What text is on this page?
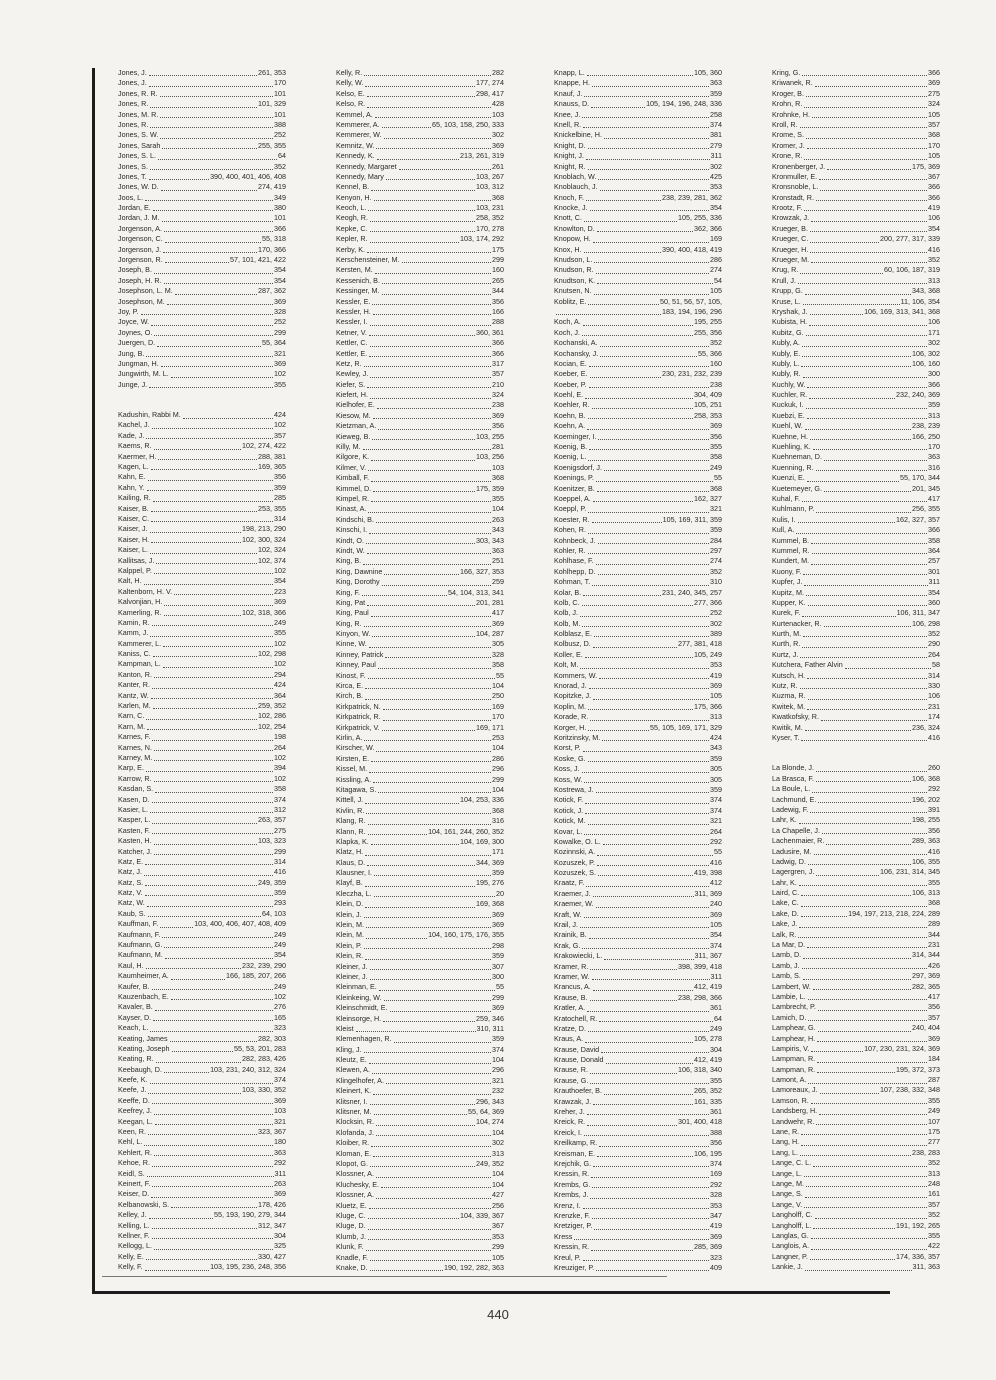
Jones, J.	261, 353
Jones, J.	170
Jones, R. R.	101
Jones, R.	101, 329
Jones, M. R.	101
Jones, R.	388
Jones, S. W.	252
Jones, Sarah	255, 355
Jones, S. L.	64
Jones, S.	352
Jones, T.	390, 400, 401, 406, 408
Jones, W. D.	274, 419
Joos, L.	349
Jordan, E.	380
Jordan, J. M.	101
Jorgenson, A.	366
Jorgenson, C.	55, 318
Jorgenson, J.	170, 366
Jorgenson, R.	57, 101, 421, 422
Joseph, B.	354
Joseph, H. R.	354
Josephson, L. M.	287, 362
Josephson, M.	369
Joy, P.	328
Joyce, W.	252
Joynes, O.	299
Juergen, D.	55, 364
Jung, B.	321
Jungman, H.	369
Jungwirth, M. L.	102
Junge, J.	355
Kadushin, Rabbi M.	424
Kachel, J.	102
Kade, J.	357
Kaems, R.	102, 274, 422
Kaermer, H.	288, 381
Kagen, L.	169, 365
Kahn, E.	356
Kahn, Y.	359
Kailing, R.	285
Kaiser, B.	253, 355
Kaiser, C.	314
Kaiser, J.	198, 213, 290
Kaiser, H.	102, 300, 324
Kaiser, L.	102, 324
Kallitsas, J.	102, 374
Kalppel, P.	102
Kalt, H.	354
Kaltenborn, H. V.	223
Kalvonjian, H.	369
Kamerling, R.	102, 318, 366
Kamin, R.	249
Kamm, J.	355
Kammerer, L.	102
Kaniss, C.	102, 298
Kampman, L.	102
Kanton, R.	294
Kanter, R.	424
Kantz, W.	364
Karlen, M.	259, 352
Karn, C.	102, 286
Karn, M.	102, 254
Karnes, F.	198
Karnes, N.	264
Karney, M.	102
Karp, E.	394
Karrow, R.	102
Kasdan, S.	358
Kasen, D.	374
Kasier, L.	312
Kasper, L.	263, 357
Kasten, F.	275
Kasten, H.	103, 323
Katcher, J.	299
Katz, E.	314
Katz, J.	416
Katz, S.	249, 359
Katz, V.	359
Katz, W.	293
Kaub, S.	64, 103
Kauffman, F.	103, 400, 406, 407, 408, 409
Kaufmann, F.	249
Kaufmann, G.	249
Kaufmann, M.	354
Kaul, H.	232, 239, 290
Kaumheimer, A.	166, 185, 207, 266
Kaufer, B.	249
Kauzenbach, E.	102
Kavaler, B.	276
Kayser, D.	165
Keach, L.	323
Keating, James	282, 303
Keating, Joseph	55, 53, 201, 283
Keating, R.	282, 283, 426
Keebaugh, D.	103, 231, 240, 312, 324
Keefe, K.	374
Keefe, J.	103, 330, 352
Keeffe, D.	369
Keefrey, J.	103
Keegan, L.	321
Keen, R.	323, 367
Kehl, L.	180
Kehlert, R.	363
Kehoe, R.	292
Keidl, S.	311
Keinert, F.	263
Keiser, D.	369
Kelbanowski, S.	178, 426
Kelley, J.	55, 193, 190, 279, 344
Kelling, L.	312, 347
Kellner, F.	304
Kellogg, L.	325
Kelly, E.	330, 427
Kelly, F.	103, 195, 236, 248, 356
Kelly, R.	282
Kelly, W.	177, 274
Kelso, E.	298, 417
Kelso, R.	428
Kemmel, A.	103
Kemmerer, A.	65, 103, 158, 250, 333
Kemmerer, W.	302
Kemnitz, W.	369
Kennedy, K.	213, 261, 319
Kennedy, Margaret	261
Kennedy, Mary	103, 267
Kennel, B.	103, 312
Kenyon, H.	368
Keoch, L.	103, 231
Keogh, R.	258, 352
Kepke, C.	170, 278
Kepler, R.	103, 174, 292
Kerby, K.	175
Kerschensteiner, M.	299
Kersten, M.	160
Kessenich, B.	265
Kessinger, M.	344
Kessler, E.	356
Kessler, H.	166
Kessler, I.	288
Ketner, V.	360, 361
Kettler, C.	366
Kettler, E.	366
Ketz, R.	317
Kewley, J.	357
Kiefer, S.	210
Kiefert, H.	324
Kielhofer, E.	238
Kiesow, M.	369
Kietzman, A.	356
Kieweg, B.	103, 255
Killy, M.	281
Kilgore, K.	103, 256
Kilmer, V.	103
Kimball, F.	368
Kimmel, D.	175, 359
Kimpel, R.	355
Kinast, A.	104
Kindschi, B.	263
Kinschi, I.	343
Kindt, O.	303, 343
Kindt, W.	363
King, B.	251
King, Dawnine	166, 327, 353
King, Dorothy	259
King, F.	54, 104, 313, 341
King, Pat	201, 281
King, Paul	417
King, R.	369
Kinyon, W.	104, 287
Kinne, W.	305
Kinney, Patrick	328
Kinney, Paul	358
Kinost, F.	55
Kirca, E.	104
Kirch, B.	250
Kirkpatrick, N.	169
Kirkpatrick, R.	170
Kirkpatrick, V.	169, 171
Kirlin, A.	253
Kirscher, W.	104
Kirsten, E.	286
Kissel, M.	296
Kissling, A.	299
Kitagawa, S.	104
Kittell, J.	104, 253, 336
Kivlin, R.	368
Klang, R.	316
Klann, R.	104, 161, 244, 260, 352
Klapka, K.	104, 169, 300
Klatz, H.	171
Klaus, D.	344, 369
Klausner, I.	359
Klayf, B.	195, 276
Kleczha, L.	20
Klein, D.	169, 368
Klein, J.	369
Klein, M.	369
Klein, M.	104, 160, 175, 176, 355
Klein, P.	298
Klein, R.	359
Kleiner, J.	307
Kleiner, J.	300
Kleinman, E.	55
Kleinkeing, W.	299
Kleinschmidt, E.	369
Kleinsorge, H.	259, 346
Kleist	310, 311
Klemenhagen, R.	359
Kling, J.	374
Kleutz, E.	104
Klewen, A.	296
Klingelhofer, A.	321
Kleinert, K.	232
Klitsner, I.	296, 343
Klitsner, M.	55, 64, 369
Klocksin, R.	104, 274
Klofanda, J.	104
Kloiber, R.	302
Kloman, E.	313
Klopot, G.	249, 352
Klossner, A.	104
Kluchesky, E.	104
Klossner, A.	427
Kluetz, E.	256
Kluge, C.	104, 339, 367
Kluge, D.	367
Klumb, J.	353
Klunk, F.	299
Knadle, F.	105
Knake, D.	190, 192, 282, 363
Knapp, L.	105, 360
Knappe, H.	363
Knauf, J.	359
Knauss, D.	105, 194, 196, 248, 336
Knee, J.	258
Knell, R.	374
Knickelbine, H.	381
Knight, D.	279
Knight, J.	311
Knight, R.	302
Knoblach, W.	425
Knoblauch, J.	353
Knoch, F.	238, 239, 281, 362
Knocke, J.	354
Knott, C.	105, 255, 336
Knowlton, D.	362, 366
Knopow, H.	169
Knox, H.	390, 400, 418, 419
Knudson, L.	286
Knudson, R.	274
Knudtson, K.	54
Knutsen, N.	105
Koblitz, E.	50, 51, 56, 57, 105,
183, 194, 196, 296
Koch, A.	195, 255
Koch, J.	255, 356
Kochanski, A.	352
Kochansky, J.	55, 366
Kocian, E.	160
Koeber, E.	230, 231, 232, 239
Koeber, P.	238
Koehl, E.	304, 409
Koehler, R.	105, 251
Koehn, B.	258, 353
Koehn, A.	369
Koeminger, I.	356
Koenig, B.	355
Koenig, L.	358
Koenigsdorf, J.	249
Koenings, P.	55
Koenitzer, B.	368
Koeppel, A.	162, 327
Koeppl, P.	321
Koester, R.	105, 169, 311, 359
Kohen, R.	359
Kohnbeck, J.	284
Kohler, R.	297
Kohlhase, F.	274
Kohlhepp, D.	352
Kohman, T.	310
Kolar, B.	231, 240, 345, 257
Kolb, C.	277, 366
Kolb, J.	252
Kolb, M.	302
Kolblasz, E.	389
Kolbusz, D.	277, 381, 418
Koller, E.	105, 249
Kolt, M.	353
Kommers, W.	419
Knorad, J.	369
Kopitzke, J.	105
Koplin, M.	175, 366
Korade, R.	313
Korger, H.	55, 105, 169, 171, 329
Koritzinsky, M.	424
Korst, P.	343
Koske, G.	359
Koss, J.	305
Koss, W.	305
Kostrewa, J.	359
Kotick, F.	374
Kotick, J.	374
Kotick, M.	321
Kovar, L.	264
Kowalke, O. L.	292
Kozinnski, A.	55
Kozuszek, P.	416
Kozuszek, S.	419, 398
Kraatz, F.	412
Kraemer, J.	311, 369
Kraemer, W.	240
Kraft, W.	369
Krail, J.	105
Krainik, B.	354
Krak, G.	374
Krakowiecki, L.	311, 367
Kramer, R.	398, 399, 418
Kramer, W.	311
Krancus, A.	412, 419
Krause, B.	238, 298, 366
Kratler, A.	361
Kratochell, R.	64
Kratze, D.	249
Kraus, A.	105, 278
Krause, David	304
Krause, Donald	412, 419
Krause, R.	106, 318, 340
Krause, G.	355
Krauthoefer, B.	265, 352
Krawzak, J.	161, 335
Kreher, J.	361
Kreick, R.	301, 400, 418
Kreick, I.	388
Kreilkamp, R.	356
Kreisman, E.	106, 195
Krejchik, G.	374
Kressin, R.	169
Krembs, G.	292
Krembs, J.	328
Krenz, I.	353
Krenzke, F.	347
Kretziger, P.	419
Kress	369
Kressin, R.	285, 369
Kreul, P.	323
Kreuziger, P.	409
Kring, G.	366
Kriwanek, R.	369
Kroger, B.	275
Krohn, R.	324
Krohnke, H.	105
Kroll, R.	357
Krome, S.	368
Kromer, J.	170
Krone, R.	105
Kronenberger, J.	175, 369
Kronmuller, E.	367
Kronsnoble, L.	366
Kronstadt, R.	366
Krootz, F.	419
Krowzak, J.	106
Krueger, B.	354
Krueger, C.	200, 277, 317, 339
Krueger, H.	416
Krueger, M.	352
Krug, R.	60, 106, 187, 319
Krull, J.	313
Krupp, G.	343, 368
Kruse, L.	11, 106, 354
Kryshak, J.	106, 169, 313, 341, 368
Kubista, H.	106
Kubitz, G.	171
Kubly, A.	302
Kubly, E.	106, 302
Kubly, L.	106, 160
Kubly, R.	300
Kuchly, W.	366
Kuchler, R.	232, 240, 369
Kuckuk, I.	359
Kuebzi, E.	313
Kuehl, W.	238, 239
Kuehne, H.	166, 250
Kuehling, K.	170
Kuehneman, D.	363
Kuenning, R.	316
Kuenzi, E.	55, 170, 344
Kuetemeyer, G.	201, 345
Kuhal, F.	417
Kuhlmann, P.	256, 355
Kulis, I.	162, 327, 357
Kull, A.	366
Kummel, B.	358
Kummel, R.	364
Kundert, M.	257
Kuony, F.	301
Kupfer, J.	311
Kupitz, M.	354
Kupper, K.	360
Kurek, F.	106, 311, 347
Kurtenacker, R.	106, 298
Kurth, M.	352
Kurth, R.	290
Kurtz, J.	264
Kutchera, Father Alvin	58
Kutsch, H.	314
Kutz, R.	330
Kuzma, R.	106
Kwitek, M.	231
Kwatkofsky, R.	174
Kwitik, M.	236, 324
Kyser, T.	416
La Blonde, J.	260
La Brasca, F.	106, 368
La Boule, L.	292
Lachmund, E.	196, 202
Ladewig, F.	391
Lahr, K.	198, 255
La Chapelle, J.	356
Lachenmaier, R.	289, 363
Ladusire, M.	416
Ladwig, D.	106, 355
Lagergren, J.	106, 231, 314, 345
Lahr, K.	355
Laird, C.	106, 313
Lake, C.	368
Lake, D.	194, 197, 213, 218, 224, 289
Lake, J.	289
Lalk, R.	344
La Mar, D.	231
Lamb, D.	314, 344
Lamb, J.	426
Lamb, S.	297, 369
Lambert, W.	282, 365
Lambie, L.	417
Lambrecht, P.	356
Lamich, D.	357
Lamphear, G.	240, 404
Lamphear, H.	369
Lampiris, V.	107, 230, 231, 324, 369
Lampman, R.	184
Lampman, R.	195, 372, 373
Lamont, A.	287
Lamoreaux, J.	107, 238, 332, 348
Lamson, R.	355
Landsberg, H.	249
Landwehr, R.	107
Lane, R.	175
Lang, H.	277
Lang, L.	238, 283
Lange, C. L.	352
Lange, L.	313
Lange, M.	248
Lange, S.	161
Lange, V.	357
Langholff, C.	352
Langholff, L.	191, 192, 265
Langlas, G.	355
Langlois, A.	422
Langner, P.	174, 336, 357
Lankie, J.	311, 363
440
